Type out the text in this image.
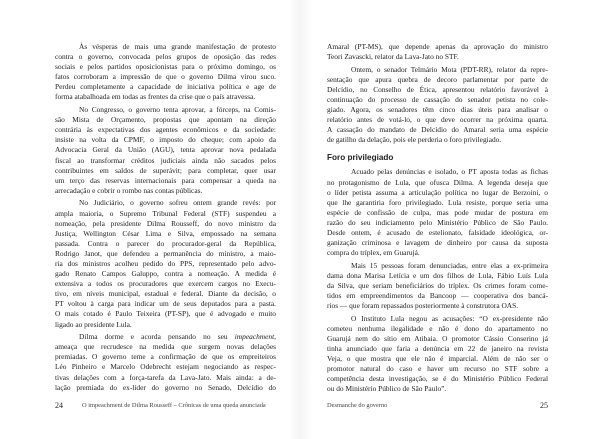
Às vésperas de mais uma grande manifestação de protesto
contra o governo, convocada pelos grupos de oposição das redes
sociais e pelos partidos oposicionistas para o próximo domingo, os
fatos corroboram a impressão de que o governo Dilma virou suco.
Perdeu completamente a capacidade de iniciativa política e age de
forma atabalhoada em todas as frentes da crise que o país atravessa.
No Congresso, o governo tenta aprovar, a fórceps, na Comis-
são Mista de Orçamento, propostas que apontam na direção
contrária às expectativas dos agentes econômicos e da sociedade:
insiste na volta da CPMF, o imposto do cheque; com apoio da
Advocacia Geral da União (AGU), tenta aprovar nova pedalada
fiscal ao transformar créditos judiciais ainda não sacados pelos
contribuintes em saldos de superávit; para completar, quer usar
um terço das reservas internacionais para compensar a queda na
arrecadação e cobrir o rombo nas contas públicas.
No Judiciário, o governo sofreu ontem grande revés: por
ampla maioria, o Supremo Tribunal Federal (STF) suspendeu a
nomeação, pela presidente Dilma Rousseff, do novo ministro da
Justiça, Wellington César Lima e Silva, empossado na semana
passada. Contra o parecer do procurador-geral da República,
Rodrigo Janot, que defendeu a permanência do ministro, a maio-
ria dos ministros acolheu pedido do PPS, representado pelo advo-
gado Renato Campos Galuppo, contra a nomeação. A medida é
extensiva a todos os procuradores que exercem cargos no Execu-
tivo, em níveis municipal, estadual e federal. Diante da decisão, o
PT voltou à carga para indicar um de seus deputados para a pasta.
O mais cotado é Paulo Teixeira (PT-SP), que é advogado e muito
ligado ao presidente Lula.
Dilma dorme e acorda pensando no seu impeachment,
ameaça que recrudesce na medida que surgem novas delações
premiadas. O governo teme a confirmação de que os empreiteiros
Léo Pinheiro e Marcelo Odebrecht estejam negociando as respec-
tivas delações com a força-tarefa da Lava-Jato. Mais ainda: a de-
lação premiada do ex-líder do governo no Senado, Delcídio do
24	O impeachment de Dilma Rousseff – Crônicas de uma queda anunciada
Amaral (PT-MS), que depende apenas da aprovação do ministro
Teori Zavascki, relator da Lava-Jato no STF.
Ontem, o senador Telmário Mota (PDT-RR), relator da repre-
sentação que apura quebra de decoro parlamentar por parte de
Delcídio, no Conselho de Ética, apresentou relatório favorável à
continuação do processo de cassação do senador petista no cole-
giado. Agora, os senadores têm cinco dias úteis para analisar o
relatório antes de votá-lo, o que deve ocorrer na próxima quarta.
A cassação do mandato de Delcídio do Amaral seria uma espécie
de gatilho da delação, pois ele perderia o foro privilegiado.
Foro privilegiado
Acuado pelas denúncias e isolado, o PT aposta todas as fichas
no protagonismo de Lula, que ofusca Dilma. A legenda deseja que
o líder petista assuma a articulação política no lugar de Berzoini, o
que lhe garantiria foro privilegiado. Lula resiste, porque seria uma
espécie de confissão de culpa, mas pode mudar de postura em
razão do seu indiciamento pelo Ministério Público de São Paulo.
Desde ontem, é acusado de estelionato, falsidade ideológica, or-
ganização criminosa e lavagem de dinheiro por causa da suposta
compra do tríplex, em Guarujá.
Mais 15 pessoas foram denunciadas, entre elas a ex-primeira
dama dona Marisa Letícia e um dos filhos de Lula, Fábio Luís Lula
da Silva, que seriam beneficiários do tríplex. Os crimes foram come-
tidos em empreendimentos da Bancoop — cooperativa dos bancá-
rios — que foram repassados posteriormente à construtora OAS.
O Instituto Lula negou as acusações: “O ex-presidente não
cometeu nenhuma ilegalidade e não é dono do apartamento no
Guarujá nem do sítio em Atibaia. O promotor Cássio Conserino já
tinha anunciado que faria a denúncia em 22 de janeiro na revista
Veja, o que mostra que ele não é imparcial. Além de não ser o
promotor natural do caso e haver um recurso no STF sobre a
competência desta investigação, se é do Ministério Público Federal
ou do Ministério Público de São Paulo”.
Desmanche do governo	25
